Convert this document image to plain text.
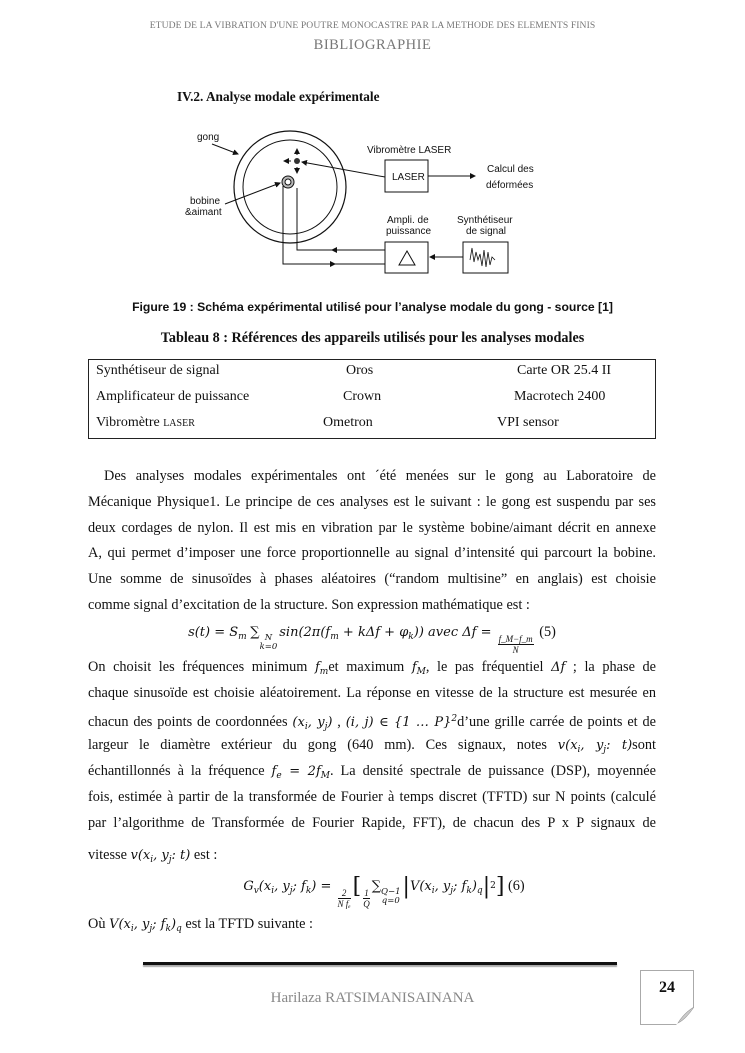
ETUDE DE LA VIBRATION D'UNE POUTRE MONOCASTRE PAR LA METHODE DES ELEMENTS FINIS
BIBLIOGRAPHIE
IV.2. Analyse modale expérimentale
Vibromètre LASER
LASER
Calcul des
déformées
gong
bobine
&aimant
Ampli. de
puissance
Synthétiseur
de signal
Figure 19 : Schéma expérimental utilisé pour l’analyse modale du gong - source [1]
Tableau 8 : Références des appareils utilisés pour les analyses modales
Synthétiseur de signal	Oros	Carte OR 25.4 II
Amplificateur de puissance	Crown	Macrotech 2400
Vibromètre LASER	Ometron	VPI sensor
Des analyses modales expérimentales ont ´été menées sur le gong au Laboratoire de
Mécanique Physique1. Le principe de ces analyses est le suivant : le gong est suspendu par ses
deux cordages de nylon. Il est mis en vibration par le système bobine/aimant décrit en annexe
A, qui permet d’imposer une force proportionnelle au signal d’intensité qui parcourt la bobine.
Une somme de sinusoïdes à phases aléatoires (“random multisine” en anglais) est choisie
comme signal d’excitation de la structure. Son expression mathématique est :
$s(t) = S_m$ ∑ N
k=0
$\sin(2\pi(f_m + k\Delta f + \varphi_k))$ avec Δf =
$\frac{f\_M-f\_m}{N}$
(5)
On choisit les fréquences minimum $f_met$ maximum $f_M$, le pas fréquentiel Δf ; la phase de
chaque sinusoïde est choisie aléatoirement. La réponse en vitesse de la structure est mesurée en
chacun des points de coordonnées ($x_i$, $y_j$) , (i, j) ∈ {1 … P}$^2$d’une grille carrée de points et de
largeur le diamètre extérieur du gong (640 mm). Ces signaux, notes $v(x_i$, $y_j$: t)sont
échantillonnés à la fréquence $f_e = 2f_M$. La densité spectrale de puissance (DSP), moyennée
fois, estimée à partir de la transformée de Fourier à temps discret (TFTD) sur N points (calculé
par l’algorithme de Transformée de Fourier Rapide, FFT), de chacun des P x P signaux de
vitesse $v(x_i$, $y_j$: t) est :
$G_v(x_i$, $y_j$; $f_k$) =
$\frac{2}{\text{N fₑ}}$ [ $\frac{1}{Q}$
∑ Q−1
q=0
$|V(x_i$, $y_j$; $f_k)_q|^2$] (6)
Où $V(x_i$, $y_j$; $f_k)_q$ est la TFTD suivante :
Harilaza RATSIMANISAINANA
24
